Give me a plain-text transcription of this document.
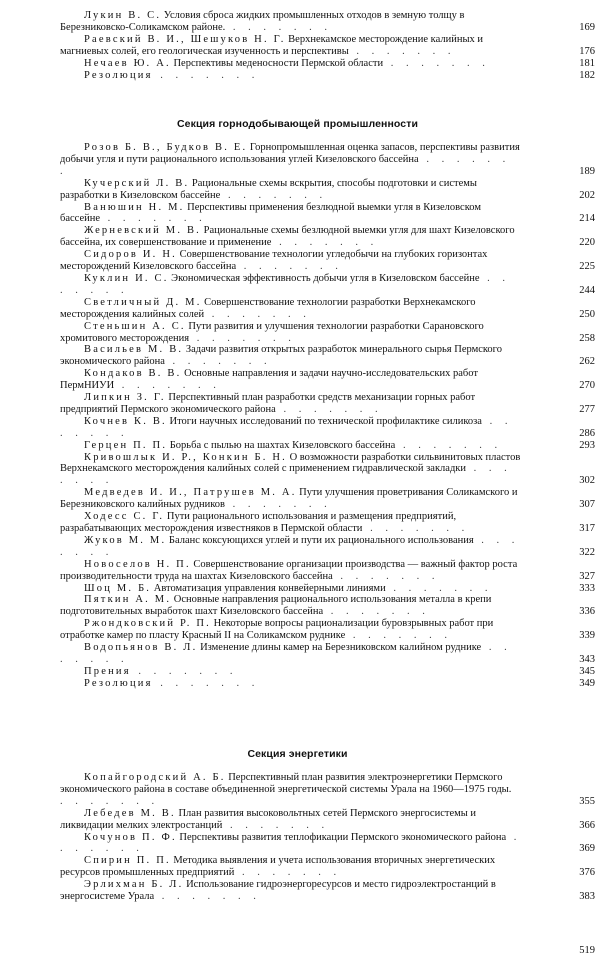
Лукин В. С. Условия сброса жидких промышленных отходов в земную толщу в Березниковско-Соликамском районе. . . . . . . .	169
Раевский В. И., Шешуков Н. Г. Верхнекамское месторождение калийных и магниевых солей, его геологическая изученность и перспективы . . . . . . .	176
Нечаев Ю. А. Перспективы меденосности Пермской области . . . . . . .	181
Резолюция . . . . . . .	182
Секция горнодобывающей промышленности
Розов Б. В., Будков В. Е. Горнопромышленная оценка запасов, перспективы развития добычи угля и пути рационального использования углей Кизеловского бассейна . . . . . . .	189
Кучерский Л. В. Рациональные схемы вскрытия, способы подготовки и системы разработки в Кизеловском бассейне . . . . . . .	202
Ванюшин Н. М. Перспективы применения безлюдной выемки угля в Кизеловском бассейне . . . . . . .	214
Жерневский М. В. Рациональные схемы безлюдной выемки угля для шахт Кизеловского бассейна, их совершенствование и применение . . . . . . .	220
Сидоров И. Н. Совершенствование технологии угледобычи на глубоких горизонтах месторождений Кизеловского бассейна . . . . . . .	225
Куклин И. С. Экономическая эффективность добычи угля в Кизеловском бассейне . . . . . . .	244
Светличный Д. М. Совершенствование технологии разработки Верхнекамского месторождения калийных солей . . . . . . .	250
Стеньшин А. С. Пути развития и улучшения технологии разработки Сарановского хромитового месторождения . . . . . . .	258
Васильев М. В. Задачи развития открытых разработок минерального сырья Пермского экономического района . . . . . . .	262
Кондаков В. В. Основные направления и задачи научно-исследовательских работ ПермНИУИ . . . . . . .	270
Липкин З. Г. Перспективный план разработки средств механизации горных работ предприятий Пермского экономического района . . . . . . .	277
Кочнев К. В. Итоги научных исследований по технической профилактике силикоза . . . . . . .	286
Герцен П. П. Борьба с пылью на шахтах Кизеловского бассейна . . . . . . .	293
Кривошлык И. Р., Конкин Б. Н. О возможности разработки сильвинитовых пластов Верхнекамского месторождения калийных солей с применением гидравлической закладки . . . . . . .	302
Медведев И. И., Патрушев М. А. Пути улучшения проветривания Соликамского и Березниковского калийных рудников . . . . . . .	307
Ходесс С. Г. Пути рационального использования и размещения предприятий, разрабатывающих месторождения известняков в Пермской области . . . . . . .	317
Жуков М. М. Баланс коксующихся углей и пути их рационального использования . . . . . . .	322
Новоселов Н. П. Совершенствование организации производства — важный фактор роста производительности труда на шахтах Кизеловского бассейна . . . . . . .	327
Шоц М. Б. Автоматизация управления конвейерными линиями . . . . . . .	333
Пяткин А. М. Основные направления рационального использования металла в крепи подготовительных выработок шахт Кизеловского бассейна . . . . . . .	336
Ржондковский Р. П. Некоторые вопросы рационализации буровзрывных работ при отработке камер по пласту Красный II на Соликамском руднике . . . . . . .	339
Водопьянов В. Л. Изменение длины камер на Березниковском калийном руднике . . . . . . .	343
Прения . . . . . . .	345
Резолюция . . . . . . .	349
Секция энергетики
Копайгородский А. Б. Перспективный план развития электроэнергетики Пермского экономического района в составе объединенной энергетической системы Урала на 1960—1975 годы. . . . . . . .	355
Лебедев М. В. План развития высоковольтных сетей Пермского энергосистемы и ликвидации мелких электростанций . . . . . . .	366
Кочунов П. Ф. Перспективы развития теплофикации Пермского экономического района . . . . . . .	369
Спирин П. П. Методика выявления и учета использования вторичных энергетических ресурсов промышленных предприятий . . . . . . .	376
Эрлихман Б. Л. Использование гидроэнергоресурсов и место гидроэлектростанций в энергосистеме Урала . . . . . . .	383
519
